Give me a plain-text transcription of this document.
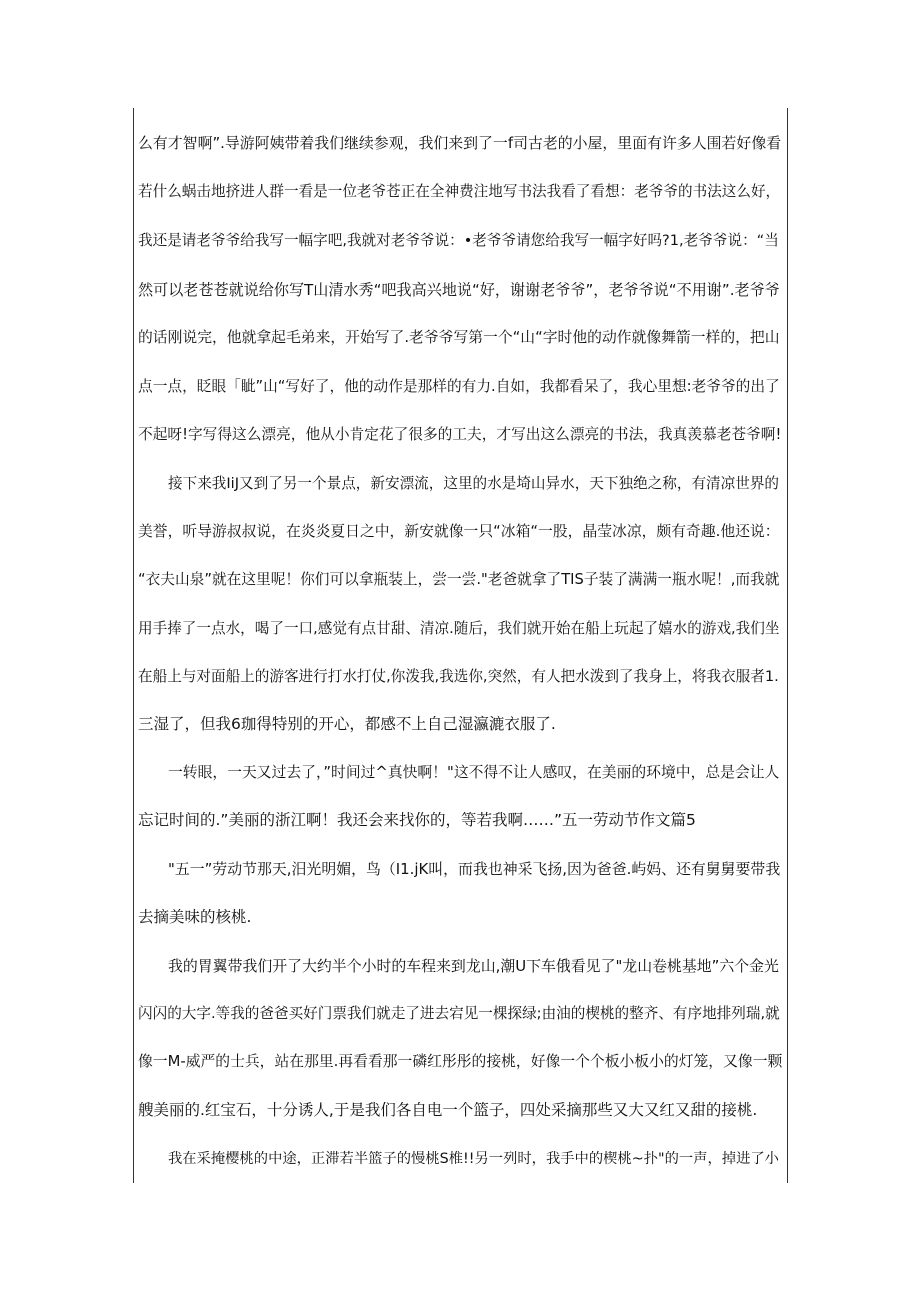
么有才智啊”.导游阿姨带着我们继续参观，我们来到了一f司古老的小屋，里面有许多人围若好像看
若什么蜗击地挤进人群一看是一位老爷苍正在全神费注地写书法我看了看想：老爷爷的书法这么好，
我还是请老爷爷给我写一幅字吧,我就对老爷爷说：•老爷爷请您给我写一幅字好吗?1,老爷爷说：“当
然可以老苍苍就说给你写T山清水秀“吧我高兴地说“好，谢谢老爷爷”，老爷爷说“不用谢”.老爷爷
的话刚说完，他就拿起毛弟来，开始写了.老爷爷写第一个“山“字时他的动作就像舞箭一样的，把山
点一点，眨眼「眦”山“写好了，他的动作是那样的有力.自如，我都看呆了，我心里想:老爷爷的出了
不起呀!字写得这么漂亮，他从小肯定花了很多的工夫，才写出这么漂亮的书法，我真羡慕老苍爷啊!
接下来我IiJ又到了另一个景点，新安漂流，这里的水是埼山异水，天下独绝之称，有清凉世界的
美誉，听导游叔叔说，在炎炎夏日之中，新安就像一只“冰箱“一股，晶莹冰凉，颇有奇趣.他还说：
“衣夫山泉”就在这里呢！你们可以拿瓶装上，尝一尝."老爸就拿了TIS子装了满满一瓶水呢！,而我就
用手捧了一点水，喝了一口,感觉有点甘甜、清凉.随后，我们就开始在船上玩起了嬉水的游戏,我们坐
在船上与对面船上的游客进行打水打仗,你泼我,我选你,突然，有人把水泼到了我身上，将我衣服者1.
三湿了，但我6珈得特别的开心，都感不上自己湿瀛漉衣服了.
一转眼，一天又过去了，”时间过^真快啊！"这不得不让人感叹，在美丽的环境中，总是会让人
忘记时间的.”美丽的浙江啊！我还会来找你的，等若我啊……”五一劳动节作文篇5
"五一”劳动节那天,汨光明媚，鸟（I1.jK叫，而我也神采飞扬,因为爸爸.屿妈、还有舅舅要带我
去摘美味的核桃.
我的胃翼带我们开了大约半个小时的车程来到龙山,潮U下车俄看见了"龙山卷桃基地”六个金光
闪闪的大字.等我的爸爸买好门票我们就走了进去宕见一棵探绿;由油的楔桃的整齐、有序地排列瑞,就
像一M-威严的士兵，站在那里.再看看那一磷红彤彤的接桃，好像一个个板小板小的灯笼，又像一颗
艘美丽的.红宝石，十分诱人,于是我们各自电一个篮子，四处采摘那些又大又红又甜的接桃.
我在采掩樱桃的中途，正滞若半篮子的慢桃S椎!!另一列时，我手中的楔桃~扑"的一声，掉进了小
